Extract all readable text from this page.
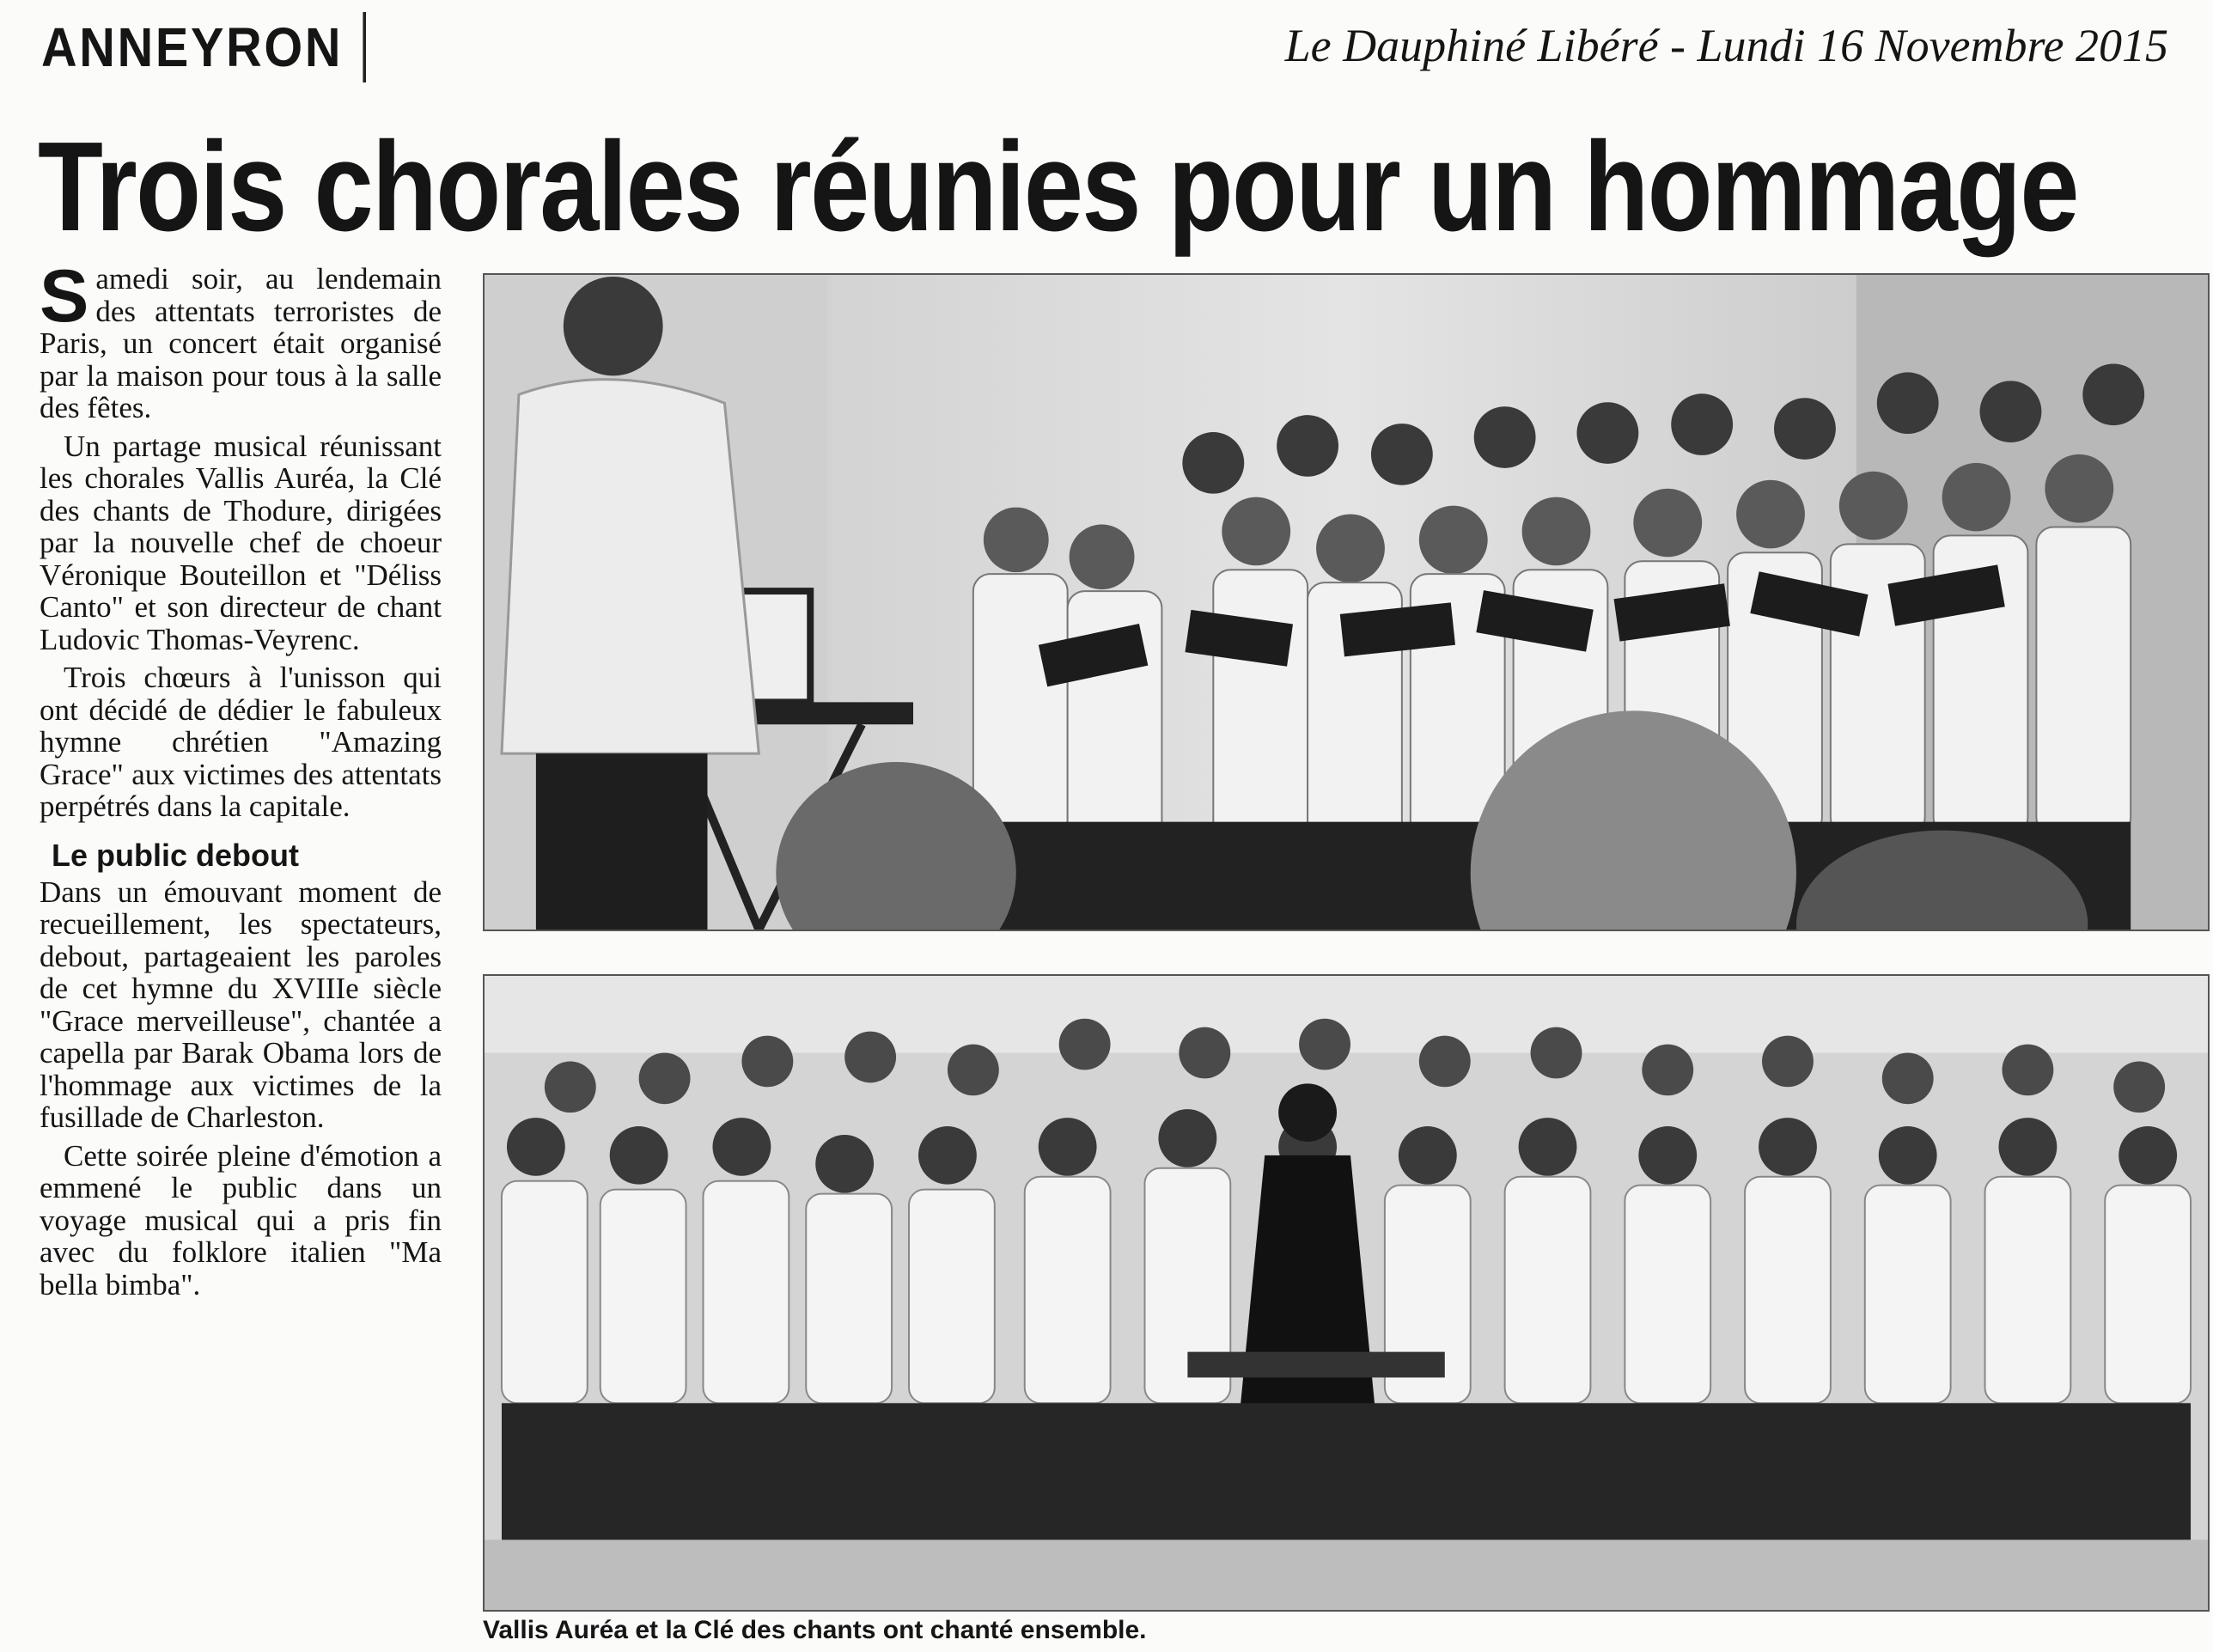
ANNEYRON	Le Dauphiné Libéré - Lundi 16 Novembre 2015
Trois chorales réunies pour un hommage

Samedi soir, au lendemain des attentats terroristes de Paris, un concert était organisé par la maison pour tous à la salle des fêtes.

Un partage musical réunissant les chorales Vallis Auréa, la Clé des chants de Thodure, dirigées par la nouvelle chef de choeur Véronique Bouteillon et "Déliss Canto" et son directeur de chant Ludovic Thomas-Veyrenc.

Trois chœurs à l'unisson qui ont décidé de dédier le fabuleux hymne chrétien "Amazing Grace" aux victimes des attentats perpétrés dans la capitale.

Le public debout

Dans un émouvant moment de recueillement, les spectateurs, debout, partageaient les paroles de cet hymne du XVIIIe siècle "Grace merveilleuse", chantée a capella par Barak Obama lors de l'hommage aux victimes de la fusillade de Charleston.

Cette soirée pleine d'émotion a emmené le public dans un voyage musical qui a pris fin avec du folklore italien "Ma bella bimba".

Vallis Auréa et la Clé des chants ont chanté ensemble.
